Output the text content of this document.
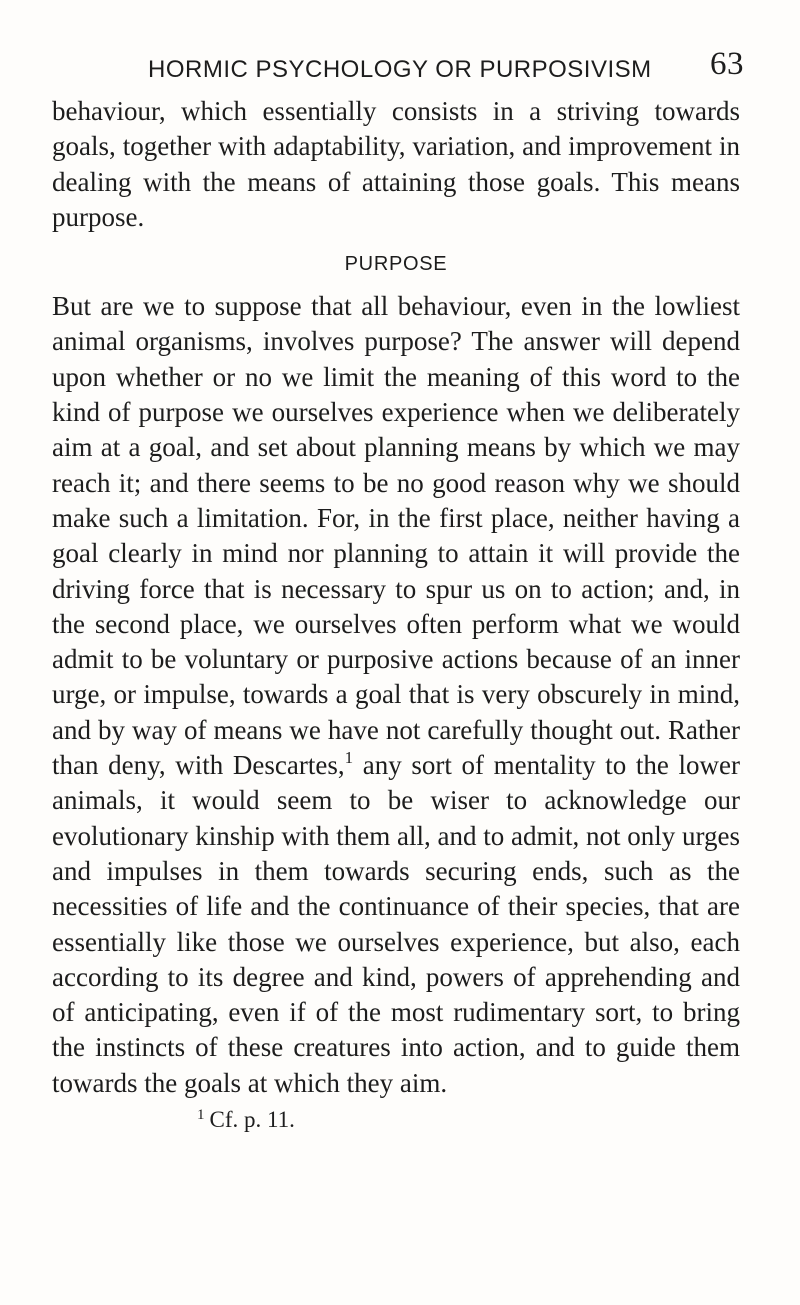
HORMIC PSYCHOLOGY OR PURPOSIVISM 63

behaviour, which essentially consists in a striving towards goals, together with adaptability, variation, and improvement in dealing with the means of attaining those goals. This means purpose.

PURPOSE

But are we to suppose that all behaviour, even in the lowliest animal organisms, involves purpose? The answer will depend upon whether or no we limit the meaning of this word to the kind of purpose we ourselves experience when we deliberately aim at a goal, and set about planning means by which we may reach it; and there seems to be no good reason why we should make such a limitation. For, in the first place, neither having a goal clearly in mind nor planning to attain it will provide the driving force that is necessary to spur us on to action; and, in the second place, we ourselves often perform what we would admit to be voluntary or purposive actions because of an inner urge, or impulse, towards a goal that is very obscurely in mind, and by way of means we have not carefully thought out. Rather than deny, with Descartes,$^1$ any sort of mentality to the lower animals, it would seem to be wiser to acknowledge our evolutionary kinship with them all, and to admit, not only urges and impulses in them towards securing ends, such as the necessities of life and the continuance of their species, that are essentially like those we ourselves experience, but also, each according to its degree and kind, powers of apprehending and of anticipating, even if of the most rudimentary sort, to bring the instincts of these creatures into action, and to guide them towards the goals at which they aim.

$^1$ Cf. p. 11.
